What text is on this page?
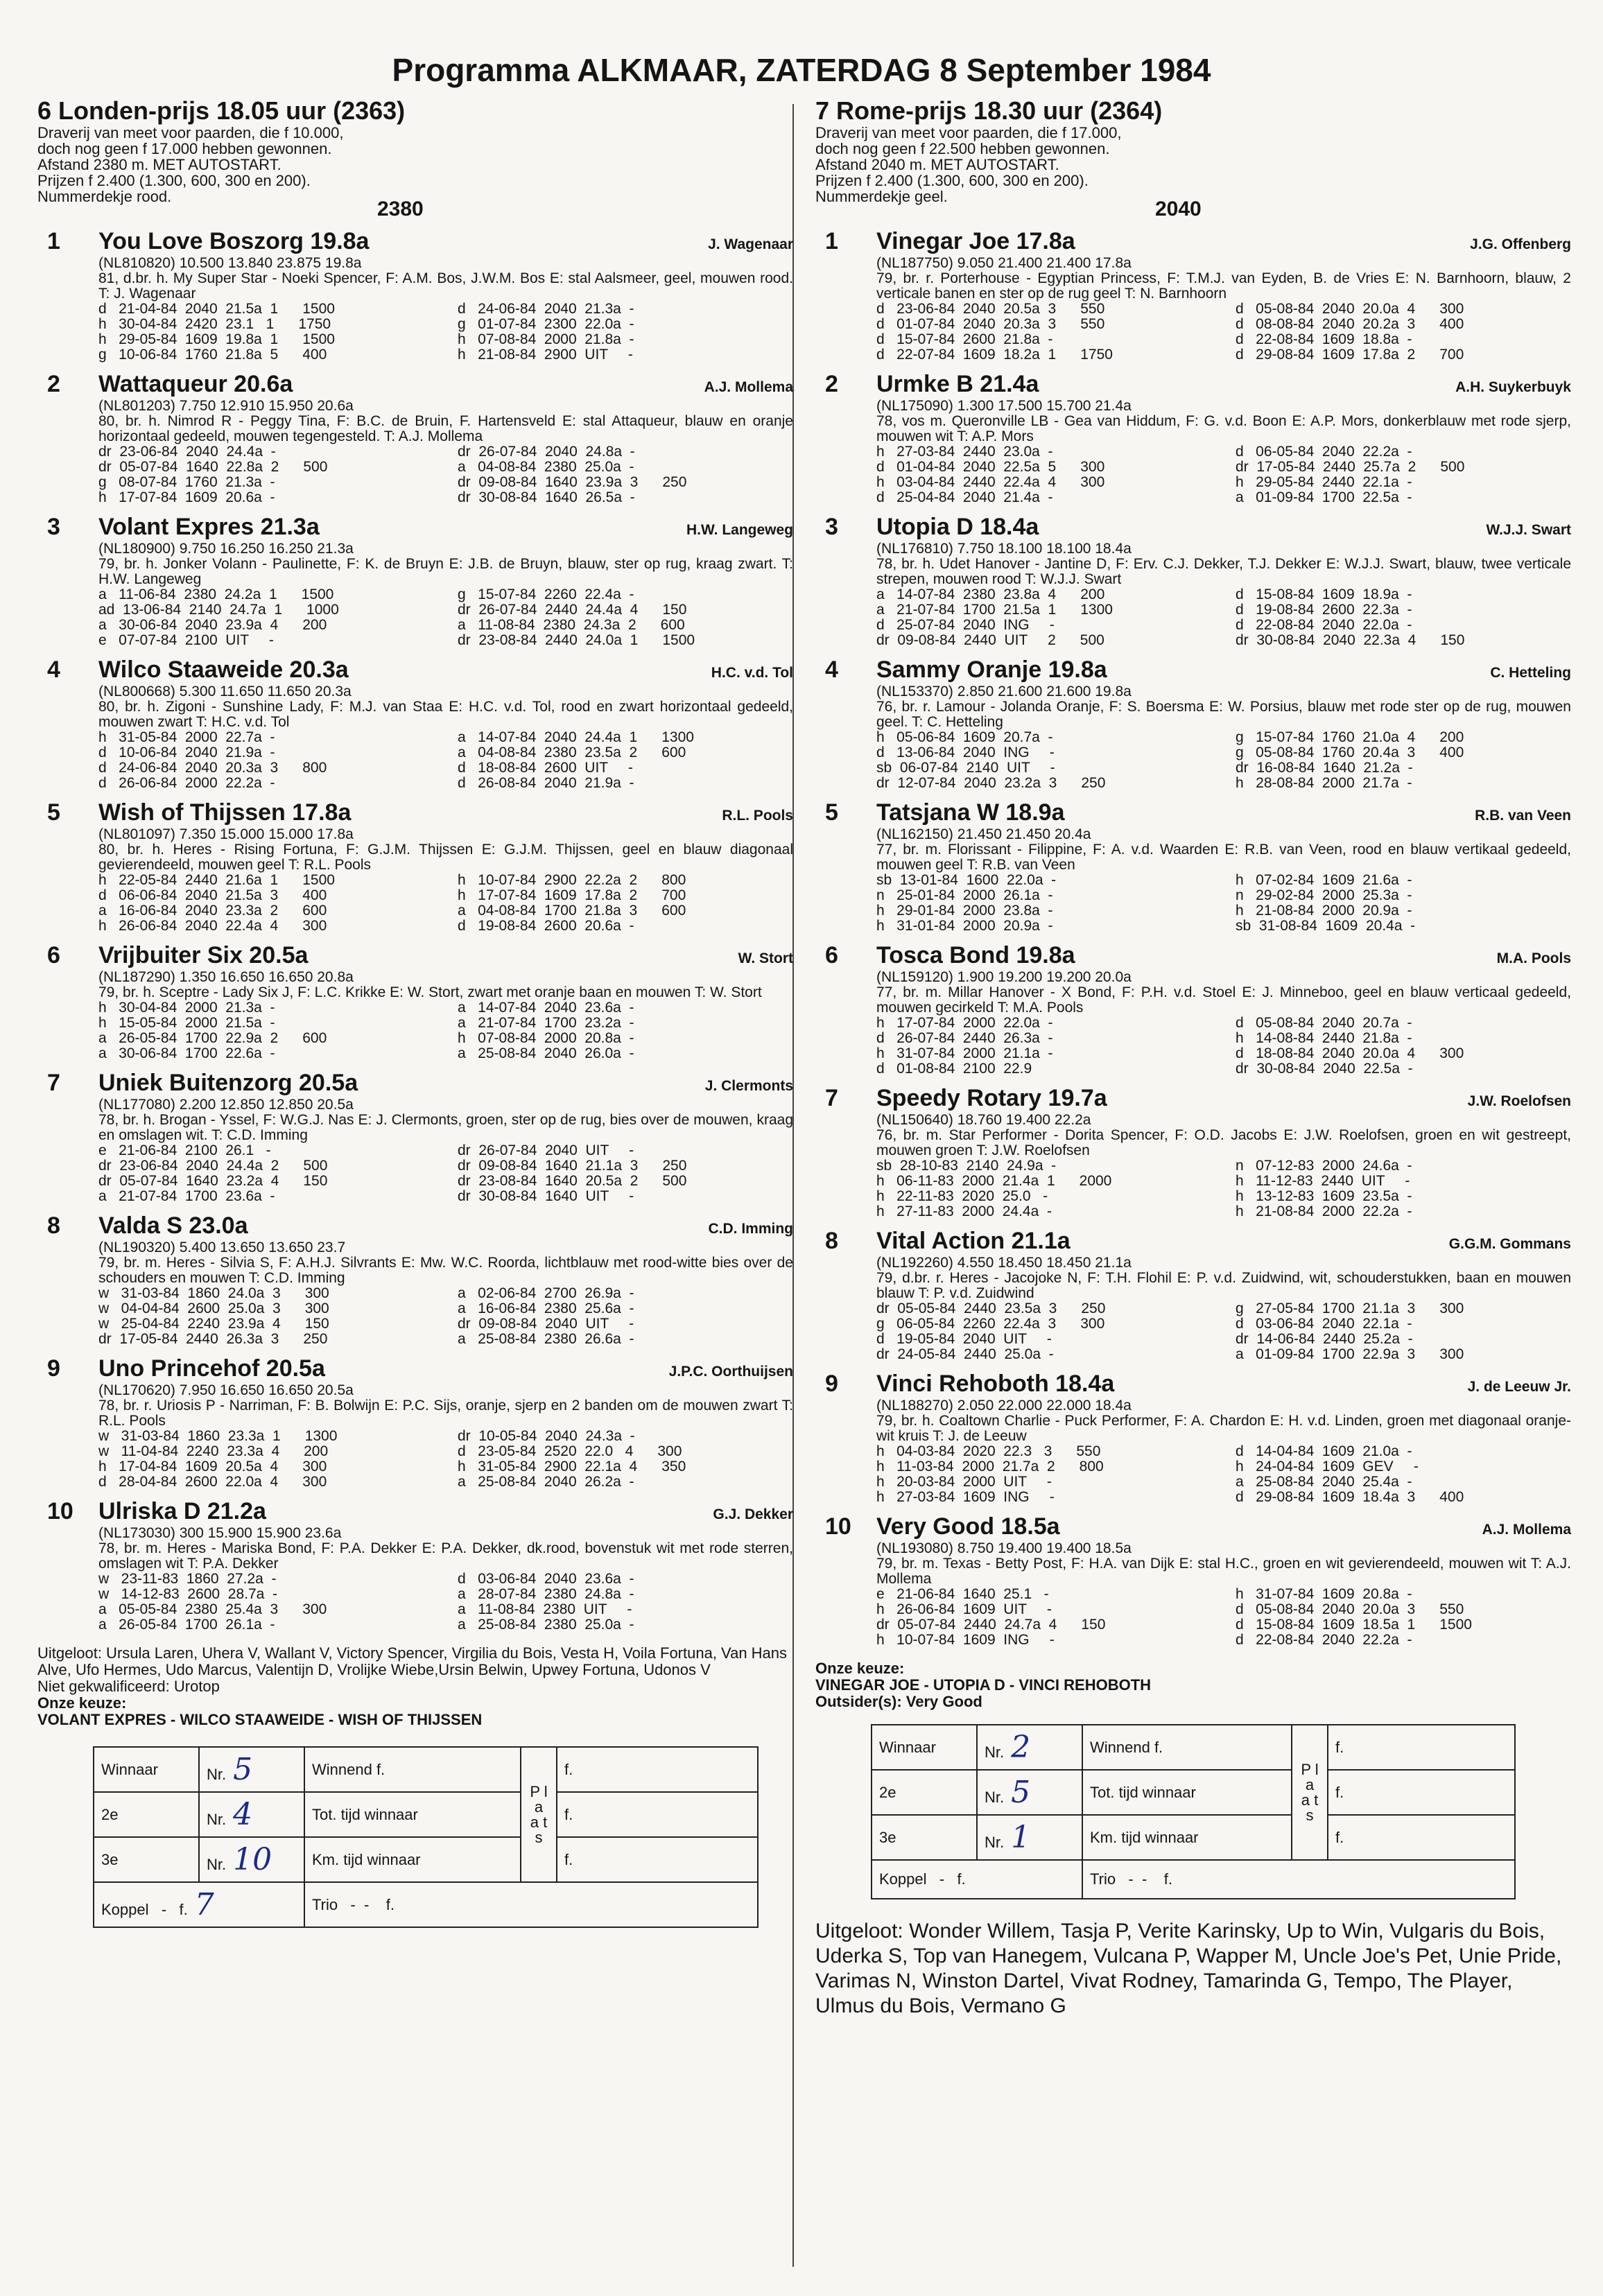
Programma ALKMAAR, ZATERDAG 8 September 1984
6 Londen-prijs 18.05 uur (2363)
Draverij van meet voor paarden, die f 10.000,
doch nog geen f 17.000 hebben gewonnen.
Afstand 2380 m. MET AUTOSTART.
Prijzen f 2.400 (1.300, 600, 300 en 200).
Nummerdekje rood.
2380
1 You Love Boszorg 19.8a	J. Wagenaar
(NL810820) 10.500 13.840 23.875 19.8a
81, d.br. h. My Super Star - Noeki Spencer, F: A.M. Bos, J.W.M. Bos E: stal Aalsmeer, geel, mouwen rood. T: J. Wagenaar
d   21-04-84  2040  21.5a  1      1500	d   24-06-84  2040  21.3a  -
h   30-04-84  2420  23.1   1      1750	g   01-07-84  2300  22.0a  -
h   29-05-84  1609  19.8a  1      1500	h   07-08-84  2000  21.8a  -
g   10-06-84  1760  21.8a  5      400	h   21-08-84  2900  UIT     -
2 Wattaqueur 20.6a	A.J. Mollema
(NL801203) 7.750 12.910 15.950 20.6a
80, br. h. Nimrod R - Peggy Tina, F: B.C. de Bruin, F. Hartensveld E: stal Attaqueur, blauw en oranje horizontaal gedeeld, mouwen tegengesteld. T: A.J. Mollema
dr  23-06-84  2040  24.4a  -	dr  26-07-84  2040  24.8a  -
dr  05-07-84  1640  22.8a  2      500	a   04-08-84  2380  25.0a  -
g   08-07-84  1760  21.3a  -	dr  09-08-84  1640  23.9a  3      250
h   17-07-84  1609  20.6a  -	dr  30-08-84  1640  26.5a  -
3 Volant Expres 21.3a	H.W. Langeweg
(NL180900) 9.750 16.250 16.250 21.3a
79, br. h. Jonker Volann - Paulinette, F: K. de Bruyn E: J.B. de Bruyn, blauw, ster op rug, kraag zwart. T: H.W. Langeweg
a   11-06-84  2380  24.2a  1      1500	g   15-07-84  2260  22.4a  -
ad  13-06-84  2140  24.7a  1      1000	dr  26-07-84  2440  24.4a  4      150
a   30-06-84  2040  23.9a  4      200	a   11-08-84  2380  24.3a  2      600
e   07-07-84  2100  UIT     -	dr  23-08-84  2440  24.0a  1      1500
4 Wilco Staaweide 20.3a	H.C. v.d. Tol
(NL800668) 5.300 11.650 11.650 20.3a
80, br. h. Zigoni - Sunshine Lady, F: M.J. van Staa E: H.C. v.d. Tol, rood en zwart horizontaal gedeeld, mouwen zwart T: H.C. v.d. Tol
h   31-05-84  2000  22.7a  -	a   14-07-84  2040  24.4a  1      1300
d   10-06-84  2040  21.9a  -	a   04-08-84  2380  23.5a  2      600
d   24-06-84  2040  20.3a  3      800	d   18-08-84  2600  UIT     -
d   26-06-84  2000  22.2a  -	d   26-08-84  2040  21.9a  -
5 Wish of Thijssen 17.8a	R.L. Pools
(NL801097) 7.350 15.000 15.000 17.8a
80, br. h. Heres - Rising Fortuna, F: G.J.M. Thijssen E: G.J.M. Thijssen, geel en blauw diagonaal gevierendeeld, mouwen geel T: R.L. Pools
h   22-05-84  2440  21.6a  1      1500	h   10-07-84  2900  22.2a  2      800
d   06-06-84  2040  21.5a  3      400	h   17-07-84  1609  17.8a  2      700
a   16-06-84  2040  23.3a  2      600	a   04-08-84  1700  21.8a  3      600
h   26-06-84  2040  22.4a  4      300	d   19-08-84  2600  20.6a  -
6 Vrijbuiter Six 20.5a	W. Stort
(NL187290) 1.350 16.650 16.650 20.8a
79, br. h. Sceptre - Lady Six J, F: L.C. Krikke E: W. Stort, zwart met oranje baan en mouwen T: W. Stort
h   30-04-84  2000  21.3a  -	a   14-07-84  2040  23.6a  -
h   15-05-84  2000  21.5a  -	a   21-07-84  1700  23.2a  -
a   26-05-84  1700  22.9a  2      600	h   07-08-84  2000  20.8a  -
a   30-06-84  1700  22.6a  -	a   25-08-84  2040  26.0a  -
7 Uniek Buitenzorg 20.5a	J. Clermonts
(NL177080) 2.200 12.850 12.850 20.5a
78, br. h. Brogan - Yssel, F: W.G.J. Nas E: J. Clermonts, groen, ster op de rug, bies over de mouwen, kraag en omslagen wit. T: C.D. Imming
e   21-06-84  2100  26.1   -	dr  26-07-84  2040  UIT     -
dr  23-06-84  2040  24.4a  2      500	dr  09-08-84  1640  21.1a  3      250
dr  05-07-84  1640  23.2a  4      150	dr  23-08-84  1640  20.5a  2      500
a   21-07-84  1700  23.6a  -	dr  30-08-84  1640  UIT     -
8 Valda S 23.0a	C.D. Imming
(NL190320) 5.400 13.650 13.650 23.7
79, br. m. Heres - Silvia S, F: A.H.J. Silvrants E: Mw. W.C. Roorda, lichtblauw met rood-witte bies over de schouders en mouwen T: C.D. Imming
w   31-03-84  1860  24.0a  3      300	a   02-06-84  2700  26.9a  -
w   04-04-84  2600  25.0a  3      300	a   16-06-84  2380  25.6a  -
w   25-04-84  2240  23.9a  4      150	dr  09-08-84  2040  UIT     -
dr  17-05-84  2440  26.3a  3      250	a   25-08-84  2380  26.6a  -
9 Uno Princehof 20.5a	J.P.C. Oorthuijsen
(NL170620) 7.950 16.650 16.650 20.5a
78, br. r. Uriosis P - Narriman, F: B. Bolwijn E: P.C. Sijs, oranje, sjerp en 2 banden om de mouwen zwart T: R.L. Pools
w   31-03-84  1860  23.3a  1      1300	dr  10-05-84  2040  24.3a  -
w   11-04-84  2240  23.3a  4      200	d   23-05-84  2520  22.0   4      300
h   17-04-84  1609  20.5a  4      300	h   31-05-84  2900  22.1a  4      350
d   28-04-84  2600  22.0a  4      300	a   25-08-84  2040  26.2a  -
10 Ulriska D 21.2a	G.J. Dekker
(NL173030) 300 15.900 15.900 23.6a
78, br. m. Heres - Mariska Bond, F: P.A. Dekker E: P.A. Dekker, dk.rood, bovenstuk wit met rode sterren, omslagen wit T: P.A. Dekker
w   23-11-83  1860  27.2a  -	d   03-06-84  2040  23.6a  -
w   14-12-83  2600  28.7a  -	a   28-07-84  2380  24.8a  -
a   05-05-84  2380  25.4a  3      300	a   11-08-84  2380  UIT     -
a   26-05-84  1700  26.1a  -	a   25-08-84  2380  25.0a  -
Uitgeloot: Ursula Laren, Uhera V, Wallant V, Victory Spencer, Virgilia du Bois, Vesta H, Voila Fortuna, Van Hans Alve, Ufo Hermes, Udo Marcus, Valentijn D, Vrolijke Wiebe,Ursin Belwin, Upwey Fortuna, Udonos V
Niet gekwalificeerd: Urotop
Onze keuze:
VOLANT EXPRES - WILCO STAAWEIDE - WISH OF THIJSSEN
Winnaar	Nr. 5	Winnend f.	P l a a t s	f.
2e	Nr. 4	Tot. tijd winnaar		f.
3e	Nr. 10	Km. tijd winnaar		f.
Koppel - f. 7		Trio - - f.		
7 Rome-prijs 18.30 uur (2364)
Draverij van meet voor paarden, die f 17.000,
doch nog geen f 22.500 hebben gewonnen.
Afstand 2040 m. MET AUTOSTART.
Prijzen f 2.400 (1.300, 600, 300 en 200).
Nummerdekje geel.
2040
1 Vinegar Joe 17.8a	J.G. Offenberg
(NL187750) 9.050 21.400 21.400 17.8a
79, br. r. Porterhouse - Egyptian Princess, F: T.M.J. van Eyden, B. de Vries E: N. Barnhoorn, blauw, 2 verticale banen en ster op de rug geel T: N. Barnhoorn
d   23-06-84  2040  20.5a  3      550	d   05-08-84  2040  20.0a  4      300
d   01-07-84  2040  20.3a  3      550	d   08-08-84  2040  20.2a  3      400
d   15-07-84  2600  21.8a  -	d   22-08-84  1609  18.8a  -
d   22-07-84  1609  18.2a  1      1750	d   29-08-84  1609  17.8a  2      700
2 Urmke B 21.4a	A.H. Suykerbuyk
(NL175090) 1.300 17.500 15.700 21.4a
78, vos m. Queronville LB - Gea van Hiddum, F: G. v.d. Boon E: A.P. Mors, donkerblauw met rode sjerp, mouwen wit T: A.P. Mors
h   27-03-84  2440  23.0a  -	d   06-05-84  2040  22.2a  -
d   01-04-84  2040  22.5a  5      300	dr  17-05-84  2440  25.7a  2      500
h   03-04-84  2440  22.4a  4      300	h   29-05-84  2440  22.1a  -
d   25-04-84  2040  21.4a  -	a   01-09-84  1700  22.5a  -
3 Utopia D 18.4a	W.J.J. Swart
(NL176810) 7.750 18.100 18.100 18.4a
78, br. h. Udet Hanover - Jantine D, F: Erv. C.J. Dekker, T.J. Dekker E: W.J.J. Swart, blauw, twee verticale strepen, mouwen rood T: W.J.J. Swart
a   14-07-84  2380  23.8a  4      200	d   15-08-84  1609  18.9a  -
a   21-07-84  1700  21.5a  1      1300	d   19-08-84  2600  22.3a  -
d   25-07-84  2040  ING     -	d   22-08-84  2040  22.0a  -
dr  09-08-84  2440  UIT     2      500	dr  30-08-84  2040  22.3a  4      150
4 Sammy Oranje 19.8a	C. Hetteling
(NL153370) 2.850 21.600 21.600 19.8a
76, br. r. Lamour - Jolanda Oranje, F: S. Boersma E: W. Porsius, blauw met rode ster op de rug, mouwen geel. T: C. Hetteling
h   05-06-84  1609  20.7a  -	g   15-07-84  1760  21.0a  4      200
d   13-06-84  2040  ING     -	g   05-08-84  1760  20.4a  3      400
sb  06-07-84  2140  UIT     -	dr  16-08-84  1640  21.2a  -
dr  12-07-84  2040  23.2a  3      250	h   28-08-84  2000  21.7a  -
5 Tatsjana W 18.9a	R.B. van Veen
(NL162150) 21.450 21.450 20.4a
77, br. m. Florissant - Filippine, F: A. v.d. Waarden E: R.B. van Veen, rood en blauw vertikaal gedeeld, mouwen geel T: R.B. van Veen
sb  13-01-84  1600  22.0a  -	h   07-02-84  1609  21.6a  -
n   25-01-84  2000  26.1a  -	n   29-02-84  2000  25.3a  -
h   29-01-84  2000  23.8a  -	h   21-08-84  2000  20.9a  -
h   31-01-84  2000  20.9a  -	sb  31-08-84  1609  20.4a  -
6 Tosca Bond 19.8a	M.A. Pools
(NL159120) 1.900 19.200 19.200 20.0a
77, br. m. Millar Hanover - X Bond, F: P.H. v.d. Stoel E: J. Minneboo, geel en blauw verticaal gedeeld, mouwen gecirkeld T: M.A. Pools
h   17-07-84  2000  22.0a  -	d   05-08-84  2040  20.7a  -
d   26-07-84  2440  26.3a  -	h   14-08-84  2440  21.8a  -
h   31-07-84  2000  21.1a  -	d   18-08-84  2040  20.0a  4      300
d   01-08-84  2100  22.9	dr  30-08-84  2040  22.5a  -
7 Speedy Rotary 19.7a	J.W. Roelofsen
(NL150640) 18.760 19.400 22.2a
76, br. m. Star Performer - Dorita Spencer, F: O.D. Jacobs E: J.W. Roelofsen, groen en wit gestreept, mouwen groen T: J.W. Roelofsen
sb  28-10-83  2140  24.9a  -	n   07-12-83  2000  24.6a  -
h   06-11-83  2000  21.4a  1      2000	h   11-12-83  2440  UIT     -
h   22-11-83  2020  25.0   -	h   13-12-83  1609  23.5a  -
h   27-11-83  2000  24.4a  -	h   21-08-84  2000  22.2a  -
8 Vital Action 21.1a	G.G.M. Gommans
(NL192260) 4.550 18.450 18.450 21.1a
79, d.br. r. Heres - Jacojoke N, F: T.H. Flohil E: P. v.d. Zuidwind, wit, schouderstukken, baan en mouwen blauw T: P. v.d. Zuidwind
dr  05-05-84  2440  23.5a  3      250	g   27-05-84  1700  21.1a  3      300
g   06-05-84  2260  22.4a  3      300	d   03-06-84  2040  22.1a  -
d   19-05-84  2040  UIT     -	dr  14-06-84  2440  25.2a  -
dr  24-05-84  2440  25.0a  -	a   01-09-84  1700  22.9a  3      300
9 Vinci Rehoboth 18.4a	J. de Leeuw Jr.
(NL188270) 2.050 22.000 22.000 18.4a
79, br. h. Coaltown Charlie - Puck Performer, F: A. Chardon E: H. v.d. Linden, groen met diagonaal oranje-wit kruis T: J. de Leeuw
h   04-03-84  2020  22.3   3      550	d   14-04-84  1609  21.0a  -
h   11-03-84  2000  21.7a  2      800	h   24-04-84  1609  GEV     -
h   20-03-84  2000  UIT     -	a   25-08-84  2040  25.4a  -
h   27-03-84  1609  ING     -	d   29-08-84  1609  18.4a  3      400
10 Very Good 18.5a	A.J. Mollema
(NL193080) 8.750 19.400 19.400 18.5a
79, br. m. Texas - Betty Post, F: H.A. van Dijk E: stal H.C., groen en wit gevierendeeld, mouwen wit T: A.J. Mollema
e   21-06-84  1640  25.1   -	h   31-07-84  1609  20.8a  -
h   26-06-84  1609  UIT     -	d   05-08-84  2040  20.0a  3      550
dr  05-07-84  2440  24.7a  4      150	d   15-08-84  1609  18.5a  1      1500
h   10-07-84  1609  ING     -	d   22-08-84  2040  22.2a  -
Onze keuze:
VINEGAR JOE - UTOPIA D - VINCI REHOBOTH
Outsider(s): Very Good
Winnaar	Nr. 2	Winnend f.	P l a a t s	f.
2e	Nr. 5	Tot. tijd winnaar		f.
3e	Nr. 1	Km. tijd winnaar		f.
Koppel - f.		Trio - - f.		
Uitgeloot: Wonder Willem, Tasja P, Verite Karinsky, Up to Win, Vulgaris du Bois, Uderka S, Top van Hanegem, Vulcana P, Wapper M, Uncle Joe's Pet, Unie Pride, Varimas N, Winston Dartel, Vivat Rodney, Tamarinda G, Tempo, The Player, Ulmus du Bois, Vermano G
